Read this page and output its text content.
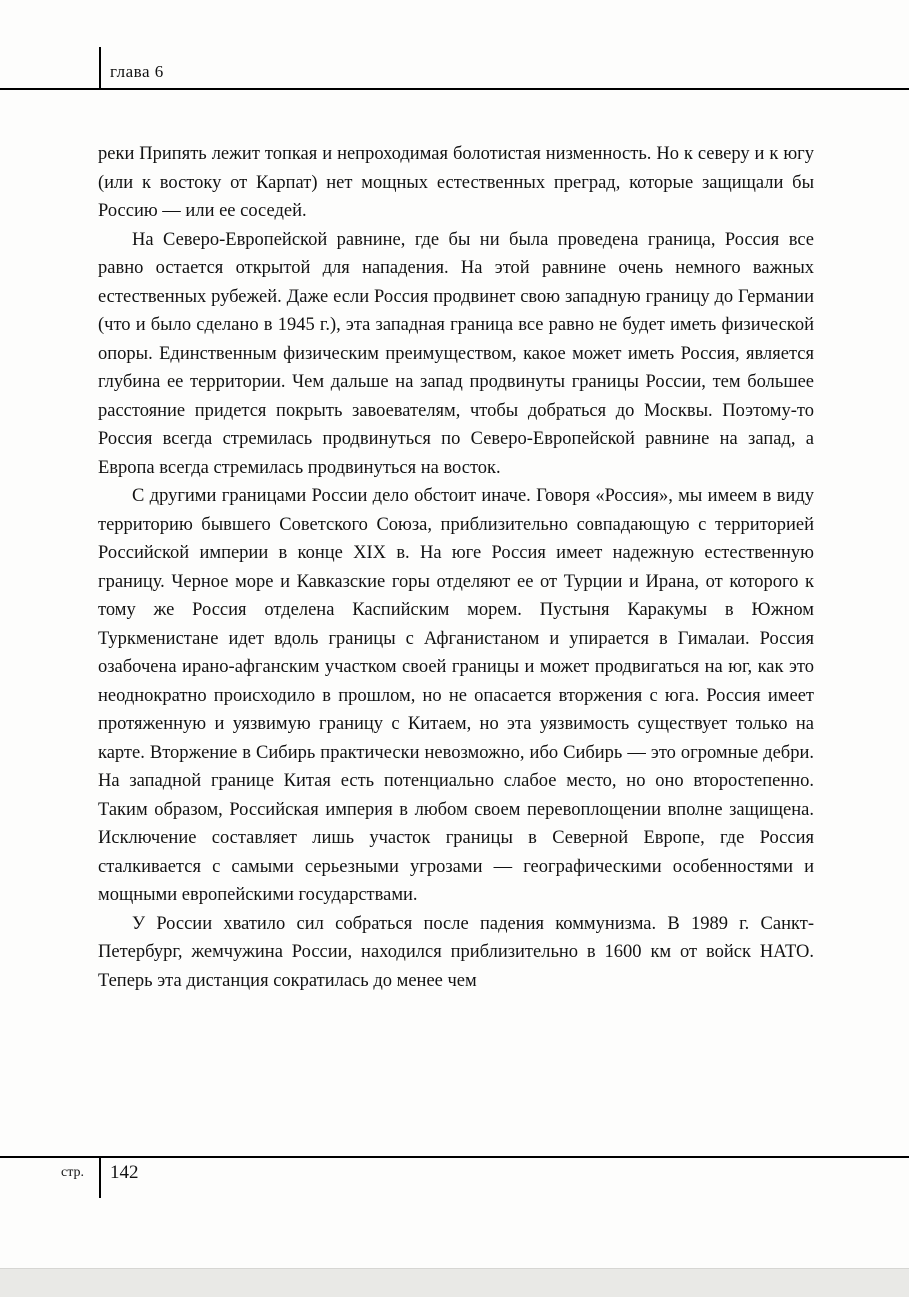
глава 6

реки Припять лежит топкая и непроходимая болотистая низменность. Но к северу и к югу (или к востоку от Карпат) нет мощных естественных преград, которые защищали бы Россию — или ее соседей.

На Северо-Европейской равнине, где бы ни была проведена граница, Россия все равно остается открытой для нападения. На этой равнине очень немного важных естественных рубежей. Даже если Россия продвинет свою западную границу до Германии (что и было сделано в 1945 г.), эта западная граница все равно не будет иметь физической опоры. Единственным физическим преимуществом, какое может иметь Россия, является глубина ее территории. Чем дальше на запад продвинуты границы России, тем большее расстояние придется покрыть завоевателям, чтобы добраться до Москвы. Поэтому-то Россия всегда стремилась продвинуться по Северо-Европейской равнине на запад, а Европа всегда стремилась продвинуться на восток.

С другими границами России дело обстоит иначе. Говоря «Россия», мы имеем в виду территорию бывшего Советского Союза, приблизительно совпадающую с территорией Российской империи в конце XIX в. На юге Россия имеет надежную естественную границу. Черное море и Кавказские горы отделяют ее от Турции и Ирана, от которого к тому же Россия отделена Каспийским морем. Пустыня Каракумы в Южном Туркменистане идет вдоль границы с Афганистаном и упирается в Гималаи. Россия озабочена ирано-афганским участком своей границы и может продвигаться на юг, как это неоднократно происходило в прошлом, но не опасается вторжения с юга. Россия имеет протяженную и уязвимую границу с Китаем, но эта уязвимость существует только на карте. Вторжение в Сибирь практически невозможно, ибо Сибирь — это огромные дебри. На западной границе Китая есть потенциально слабое место, но оно второстепенно. Таким образом, Российская империя в любом своем перевоплощении вполне защищена. Исключение составляет лишь участок границы в Северной Европе, где Россия сталкивается с самыми серьезными угрозами — географическими особенностями и мощными европейскими государствами.

У России хватило сил собраться после падения коммунизма. В 1989 г. Санкт-Петербург, жемчужина России, находился приблизительно в 1600 км от войск НАТО. Теперь эта дистанция сократилась до менее чем

стр. 142
